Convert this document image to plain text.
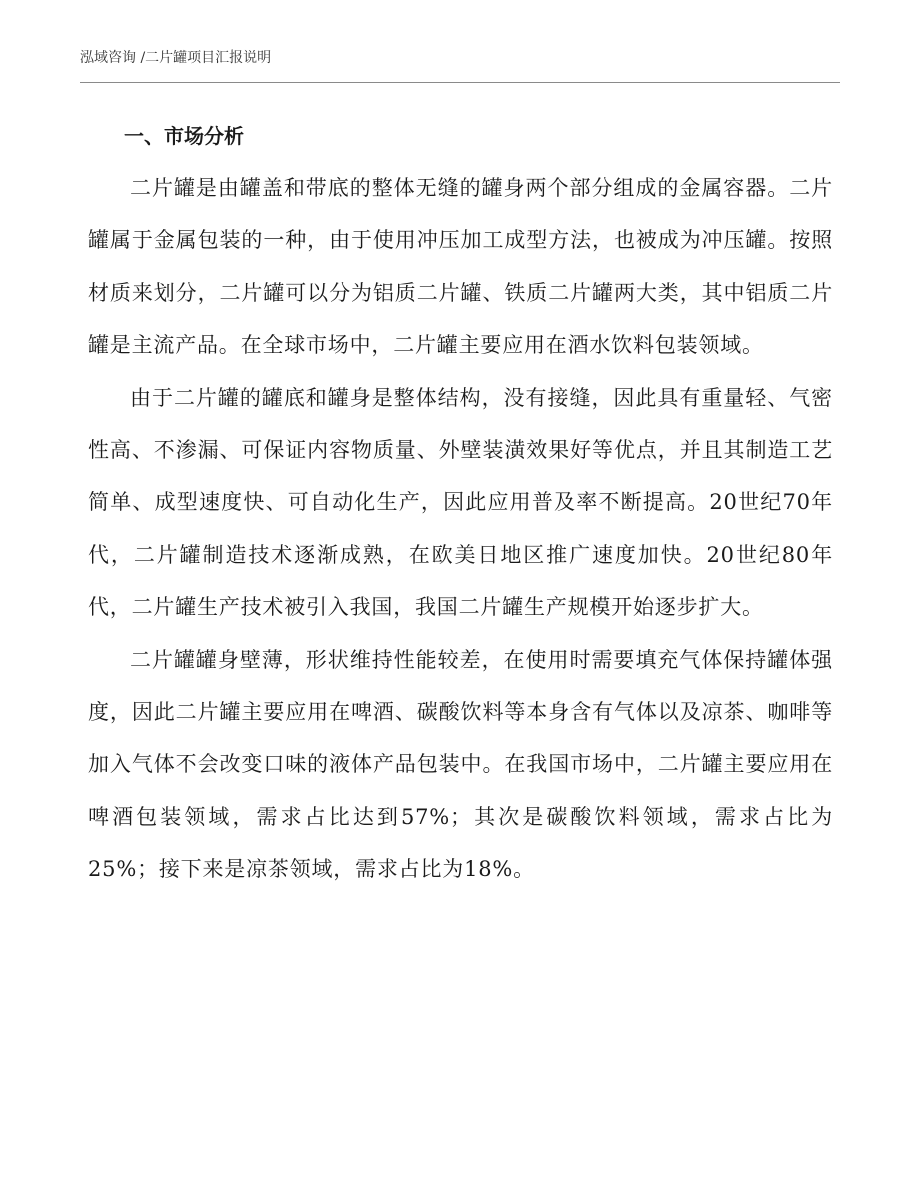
泓域咨询 /二片罐项目汇报说明
一、市场分析

二片罐是由罐盖和带底的整体无缝的罐身两个部分组成的金属容器。二片罐属于金属包装的一种，由于使用冲压加工成型方法，也被成为冲压罐。按照材质来划分，二片罐可以分为铝质二片罐、铁质二片罐两大类，其中铝质二片罐是主流产品。在全球市场中，二片罐主要应用在酒水饮料包装领域。

由于二片罐的罐底和罐身是整体结构，没有接缝，因此具有重量轻、气密性高、不渗漏、可保证内容物质量、外壁装潢效果好等优点，并且其制造工艺简单、成型速度快、可自动化生产，因此应用普及率不断提高。20世纪70年代，二片罐制造技术逐渐成熟，在欧美日地区推广速度加快。20世纪80年代，二片罐生产技术被引入我国，我国二片罐生产规模开始逐步扩大。

二片罐罐身壁薄，形状维持性能较差，在使用时需要填充气体保持罐体强度，因此二片罐主要应用在啤酒、碳酸饮料等本身含有气体以及凉茶、咖啡等加入气体不会改变口味的液体产品包装中。在我国市场中，二片罐主要应用在啤酒包装领域，需求占比达到57%；其次是碳酸饮料领域，需求占比为25%；接下来是凉茶领域，需求占比为18%。
